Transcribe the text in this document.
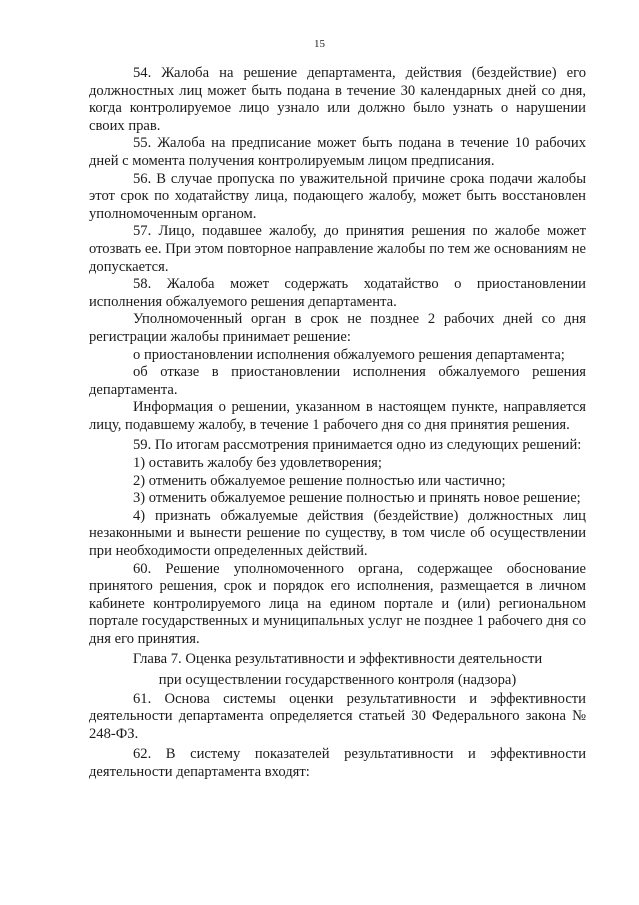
15

54. Жалоба на решение департамента, действия (бездействие) его должностных лиц может быть подана в течение 30 календарных дней со дня, когда контролируемое лицо узнало или должно было узнать о нарушении своих прав.

55. Жалоба на предписание может быть подана в течение 10 рабочих дней с момента получения контролируемым лицом предписания.

56. В случае пропуска по уважительной причине срока подачи жалобы этот срок по ходатайству лица, подающего жалобу, может быть восстановлен уполномоченным органом.

57. Лицо, подавшее жалобу, до принятия решения по жалобе может отозвать ее. При этом повторное направление жалобы по тем же основаниям не допускается.

58. Жалоба может содержать ходатайство о приостановлении исполнения обжалуемого решения департамента.

Уполномоченный орган в срок не позднее 2 рабочих дней со дня регистрации жалобы принимает решение:

о приостановлении исполнения обжалуемого решения департамента;

об отказе в приостановлении исполнения обжалуемого решения департамента.

Информация о решении, указанном в настоящем пункте, направляется лицу, подавшему жалобу, в течение 1 рабочего дня со дня принятия решения.

59. По итогам рассмотрения принимается одно из следующих решений:

1) оставить жалобу без удовлетворения;

2) отменить обжалуемое решение полностью или частично;

3) отменить обжалуемое решение полностью и принять новое решение;

4) признать обжалуемые действия (бездействие) должностных лиц незаконными и вынести решение по существу, в том числе об осуществлении при необходимости определенных действий.

60. Решение уполномоченного органа, содержащее обоснование принятого решения, срок и порядок его исполнения, размещается в личном кабинете контролируемого лица на едином портале и (или) региональном портале государственных и муниципальных услуг не позднее 1 рабочего дня со дня его принятия.

Глава 7. Оценка результативности и эффективности деятельности
при осуществлении государственного контроля (надзора)

61. Основа системы оценки результативности и эффективности деятельности департамента определяется статьей 30 Федерального закона № 248-ФЗ.

62. В систему показателей результативности и эффективности деятельности департамента входят:
